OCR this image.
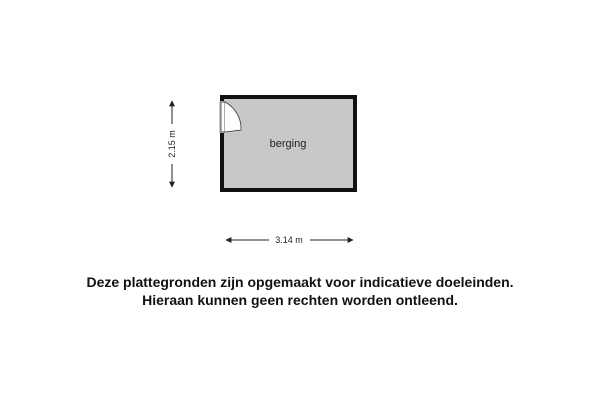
berging
3.14 m
2.15 m
Deze plattegronden zijn opgemaakt voor indicatieve doeleinden.
Hieraan kunnen geen rechten worden ontleend.
